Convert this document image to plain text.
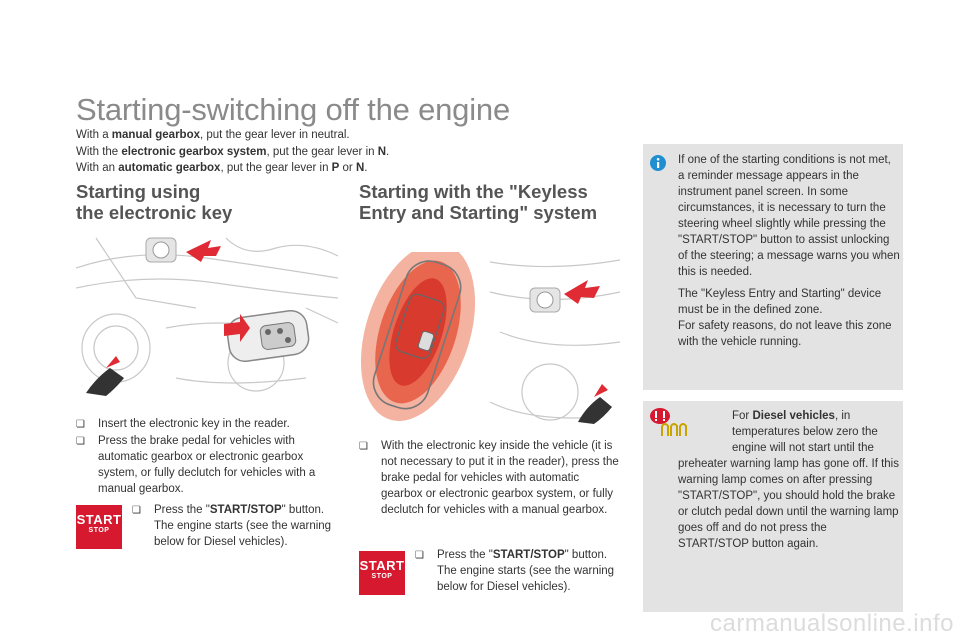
Starting-switching off the engine
With a manual gearbox, put the gear lever in neutral.
With the electronic gearbox system, put the gear lever in N.
With an automatic gearbox, put the gear lever in P or N.
Starting using
the electronic key
❏	Insert the electronic key in the reader.
❏	Press the brake pedal for vehicles with automatic gearbox or electronic gearbox system, or fully declutch for vehicles with a manual gearbox.
START
STOP
❏	Press the "START/STOP" button. The engine starts (see the warning below for Diesel vehicles).
Starting with the "Keyless
Entry and Starting" system
❏	With the electronic key inside the vehicle (it is not necessary to put it in the reader), press the brake pedal for vehicles with automatic gearbox or electronic gearbox system, or fully declutch for vehicles with a manual gearbox.
START
STOP
❏	Press the "START/STOP" button. The engine starts (see the warning below for Diesel vehicles).
If one of the starting conditions is not met, a reminder message appears in the instrument panel screen. In some circumstances, it is necessary to turn the steering wheel slightly while pressing the "START/STOP" button to assist unlocking of the steering; a message warns you when this is needed.
The "Keyless Entry and Starting" device must be in the defined zone.
For safety reasons, do not leave this zone with the vehicle running.
For Diesel vehicles, in temperatures below zero the engine will not start until the
preheater warning lamp has gone off. If this warning lamp comes on after pressing "START/STOP", you should hold the brake or clutch pedal down until the warning lamp goes off and do not press the START/STOP button again.
carmanualsonline.info
